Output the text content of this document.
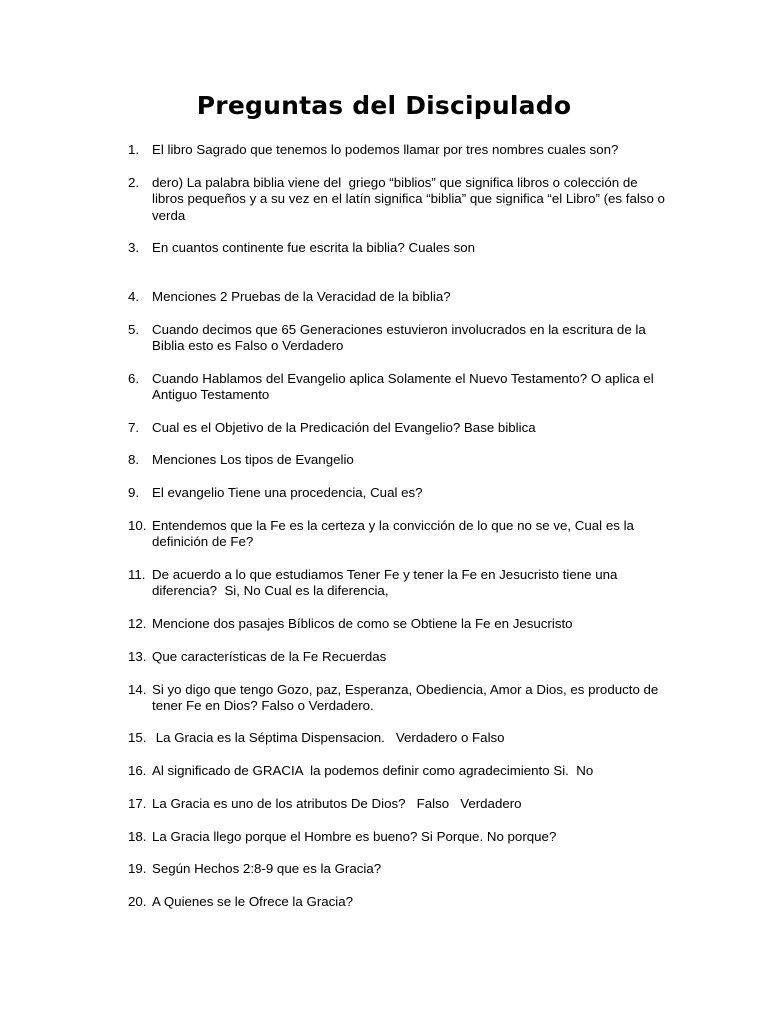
Preguntas del Discipulado
1. El libro Sagrado que tenemos lo podemos llamar por tres nombres cuales son?
2. dero) La palabra biblia viene del  griego “biblios” que significa libros o colección de libros pequeños y a su vez en el latín significa “biblia” que significa “el Libro” (es falso o verda
3. En cuantos continente fue escrita la biblia? Cuales son
4. Menciones 2 Pruebas de la Veracidad de la biblia?
5. Cuando decimos que 65 Generaciones estuvieron involucrados en la escritura de la Biblia esto es Falso o Verdadero
6. Cuando Hablamos del Evangelio aplica Solamente el Nuevo Testamento? O aplica el Antiguo Testamento
7. Cual es el Objetivo de la Predicación del Evangelio? Base biblica
8. Menciones Los tipos de Evangelio
9. El evangelio Tiene una procedencia, Cual es?
10. Entendemos que la Fe es la certeza y la convicción de lo que no se ve, Cual es la definición de Fe?
11. De acuerdo a lo que estudiamos Tener Fe y tener la Fe en Jesucristo tiene una diferencia?  Si, No Cual es la diferencia,
12. Mencione dos pasajes Bíblicos de como se Obtiene la Fe en Jesucristo
13. Que características de la Fe Recuerdas
14. Si yo digo que tengo Gozo, paz, Esperanza, Obediencia, Amor a Dios, es producto de tener Fe en Dios? Falso o Verdadero.
15. La Gracia es la Séptima Dispensacion.   Verdadero o Falso
16. Al significado de GRACIA  la podemos definir como agradecimiento Si.  No
17. La Gracia es uno de los atributos De Dios?   Falso   Verdadero
18. La Gracia llego porque el Hombre es bueno? Si Porque. No porque?
19. Según Hechos 2:8-9 que es la Gracia?
20. A Quienes se le Ofrece la Gracia?
